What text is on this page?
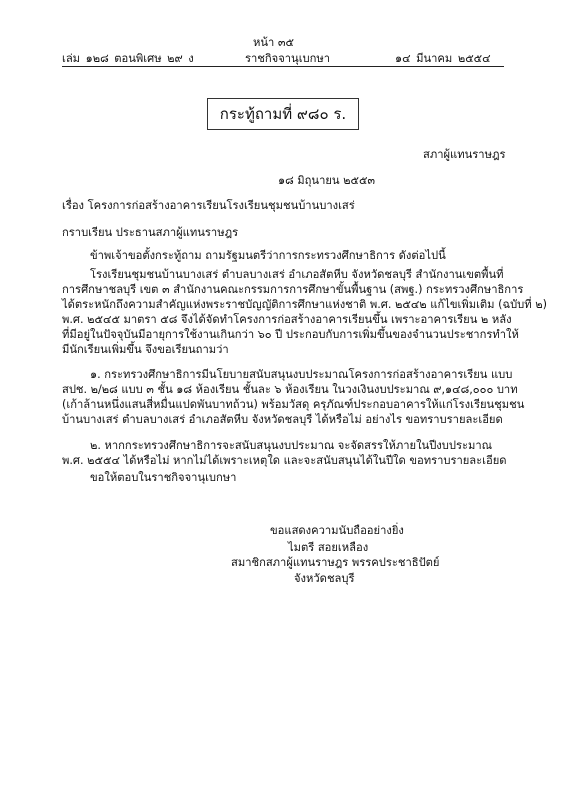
หน้า ๓๕
เล่ม ๑๒๘ ตอนพิเศษ ๒๙ ง	ราชกิจจานุเบกษา	๑๔ มีนาคม ๒๕๕๔
กระทู้ถามที่ ๙๘๐ ร.
สภาผู้แทนราษฎร
๑๘ มิถุนายน ๒๕๕๓
เรื่อง โครงการก่อสร้างอาคารเรียนโรงเรียนชุมชนบ้านบางเสร่
กราบเรียน ประธานสภาผู้แทนราษฎร
ข้าพเจ้าขอตั้งกระทู้ถาม ถามรัฐมนตรีว่าการกระทรวงศึกษาธิการ ดังต่อไปนี้
โรงเรียนชุมชนบ้านบางเสร่ ตำบลบางเสร่ อำเภอสัตหีบ จังหวัดชลบุรี สำนักงานเขตพื้นที่
การศึกษาชลบุรี เขต ๓ สำนักงานคณะกรรมการการศึกษาขั้นพื้นฐาน (สพฐ.) กระทรวงศึกษาธิการ
ได้ตระหนักถึงความสำคัญแห่งพระราชบัญญัติการศึกษาแห่งชาติ พ.ศ. ๒๕๔๒ แก้ไขเพิ่มเติม (ฉบับที่ ๒)
พ.ศ. ๒๕๔๕ มาตรา ๕๘ จึงได้จัดทำโครงการก่อสร้างอาคารเรียนขึ้น เพราะอาคารเรียน ๒ หลัง
ที่มีอยู่ในปัจจุบันมีอายุการใช้งานเกินกว่า ๖๐ ปี ประกอบกับการเพิ่มขึ้นของจำนวนประชากรทำให้
มีนักเรียนเพิ่มขึ้น จึงขอเรียนถามว่า
๑. กระทรวงศึกษาธิการมีนโยบายสนับสนุนงบประมาณโครงการก่อสร้างอาคารเรียน แบบ
สปช. ๒/๒๘ แบบ ๓ ชั้น ๑๘ ห้องเรียน ชั้นละ ๖ ห้องเรียน ในวงเงินงบประมาณ ๙,๑๔๘,๐๐๐ บาท
(เก้าล้านหนึ่งแสนสี่หมื่นแปดพันบาทถ้วน) พร้อมวัสดุ ครุภัณฑ์ประกอบอาคารให้แก่โรงเรียนชุมชน
บ้านบางเสร่ ตำบลบางเสร่ อำเภอสัตหีบ จังหวัดชลบุรี ได้หรือไม่ อย่างไร ขอทราบรายละเอียด
๒. หากกระทรวงศึกษาธิการจะสนับสนุนงบประมาณ จะจัดสรรให้ภายในปีงบประมาณ
พ.ศ. ๒๕๕๔ ได้หรือไม่ หากไม่ได้เพราะเหตุใด และจะสนับสนุนได้ในปีใด ขอทราบรายละเอียด
ขอให้ตอบในราชกิจจานุเบกษา
ขอแสดงความนับถืออย่างยิ่ง
ไมตรี สอยเหลือง
สมาชิกสภาผู้แทนราษฎร พรรคประชาธิปัตย์
จังหวัดชลบุรี
